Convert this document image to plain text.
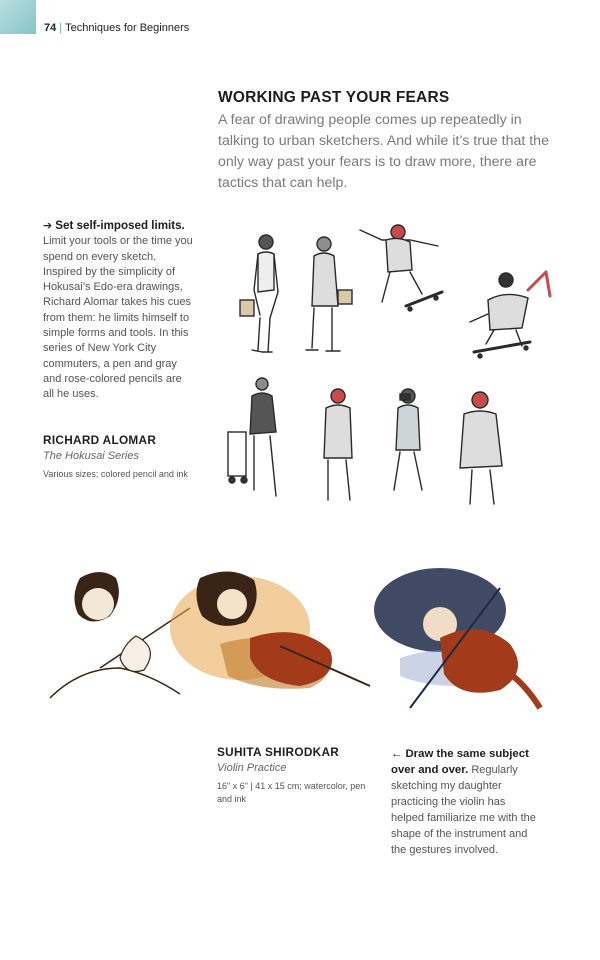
74 | Techniques for Beginners
WORKING PAST YOUR FEARS
A fear of drawing people comes up repeatedly in talking to urban sketchers. And while it’s true that the only way past your fears is to draw more, there are tactics that can help.
➔ Set self-imposed limits. Limit your tools or the time you spend on every sketch. Inspired by the simplicity of Hokusai’s Edo-era drawings, Richard Alomar takes his cues from them: he limits himself to simple forms and tools. In this series of New York City commuters, a pen and gray and rose-colored pencils are all he uses.
RICHARD ALOMAR
The Hokusai Series
Various sizes; colored pencil and ink
SUHITA SHIRODKAR
Violin Practice
16" x 6" | 41 x 15 cm; watercolor, pen and ink
← Draw the same subject over and over. Regularly sketching my daughter practicing the violin has helped familiarize me with the shape of the instrument and the gestures involved.
